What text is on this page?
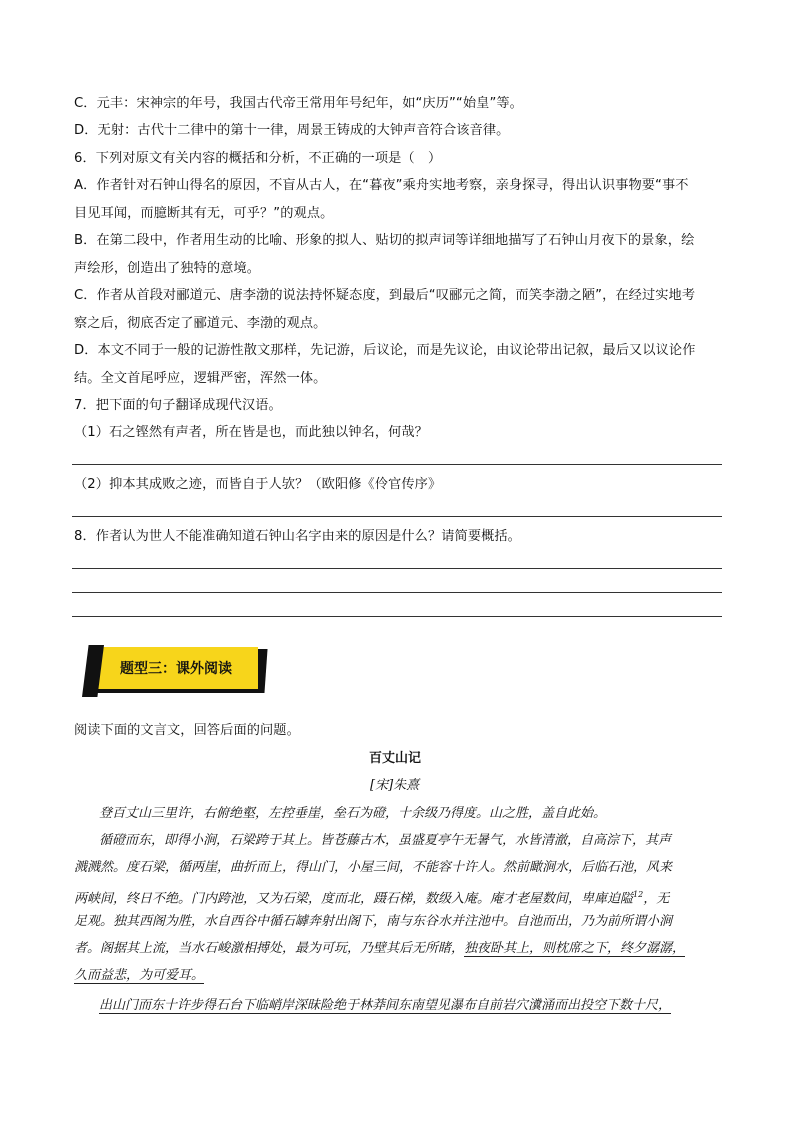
C．元丰：宋神宗的年号，我国古代帝王常用年号纪年，如“庆历”“始皇”等。
D．无射：古代十二律中的第十一律，周景王铸成的大钟声音符合该音律。
6．下列对原文有关内容的概括和分析，不正确的一项是（　）
A．作者针对石钟山得名的原因，不盲从古人，在“暮夜”乘舟实地考察，亲身探寻，得出认识事物要“事不
目见耳闻，而臆断其有无，可乎？”的观点。
B．在第二段中，作者用生动的比喻、形象的拟人、贴切的拟声词等详细地描写了石钟山月夜下的景象，绘
声绘形，创造出了独特的意境。
C．作者从首段对郦道元、唐李渤的说法持怀疑态度，到最后“叹郦元之简，而笑李渤之陋”，在经过实地考
察之后，彻底否定了郦道元、李渤的观点。
D．本文不同于一般的记游性散文那样，先记游，后议论，而是先议论，由议论带出记叙，最后又以议论作
结。全文首尾呼应，逻辑严密，浑然一体。
7．把下面的句子翻译成现代汉语。
（1）石之铿然有声者，所在皆是也，而此独以钟名，何哉？
（2）抑本其成败之迹，而皆自于人欤？（欧阳修《伶官传序》
8．作者认为世人不能准确知道石钟山名字由来的原因是什么？请简要概括。
题型三：课外阅读
阅读下面的文言文，回答后面的问题。
百丈山记
[宋]朱熹
登百丈山三里许，右俯绝壑，左控垂崖，垒石为磴，十余级乃得度。山之胜，盖自此始。
循磴而东，即得小涧，石梁跨于其上。皆苍藤古木，虽盛夏亭午无暑气，水皆清澈，自高淙下，其声
溅溅然。度石梁，循两崖，曲折而上，得山门，小屋三间，不能容十许人。然前瞰涧水，后临石池，风来
两峡间，终日不绝。门内跨池，又为石梁，度而北，蹑石梯，数级入庵。庵才老屋数间，卑庳迫隘$^{12}$，无
足观。独其西阁为胜，水自西谷中循石罅奔射出阁下，南与东谷水并注池中。自池而出，乃为前所谓小涧
者。阁据其上流，当水石峻激相搏处，最为可玩，乃壁其后无所睹，独夜卧其上，则枕席之下，终夕潺潺，
久而益悲，为可爱耳。
出山门而东十许步得石台下临峭岸深昧险绝于林莽间东南望见瀑布自前岩穴瀵涌而出投空下数十尺，
